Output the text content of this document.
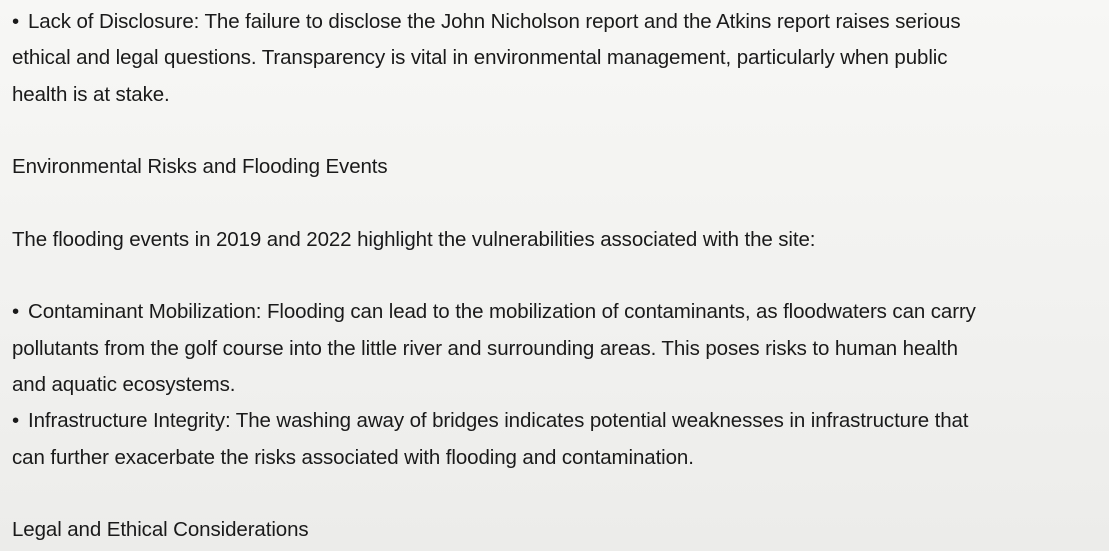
• Lack of Disclosure: The failure to disclose the John Nicholson report and the Atkins report raises serious

ethical and legal questions. Transparency is vital in environmental management, particularly when public

health is at stake.

Environmental Risks and Flooding Events

The flooding events in 2019 and 2022 highlight the vulnerabilities associated with the site:

• Contaminant Mobilization: Flooding can lead to the mobilization of contaminants, as floodwaters can carry

pollutants from the golf course into the little river and surrounding areas. This poses risks to human health

and aquatic ecosystems.

• Infrastructure Integrity: The washing away of bridges indicates potential weaknesses in infrastructure that

can further exacerbate the risks associated with flooding and contamination.

Legal and Ethical Considerations
